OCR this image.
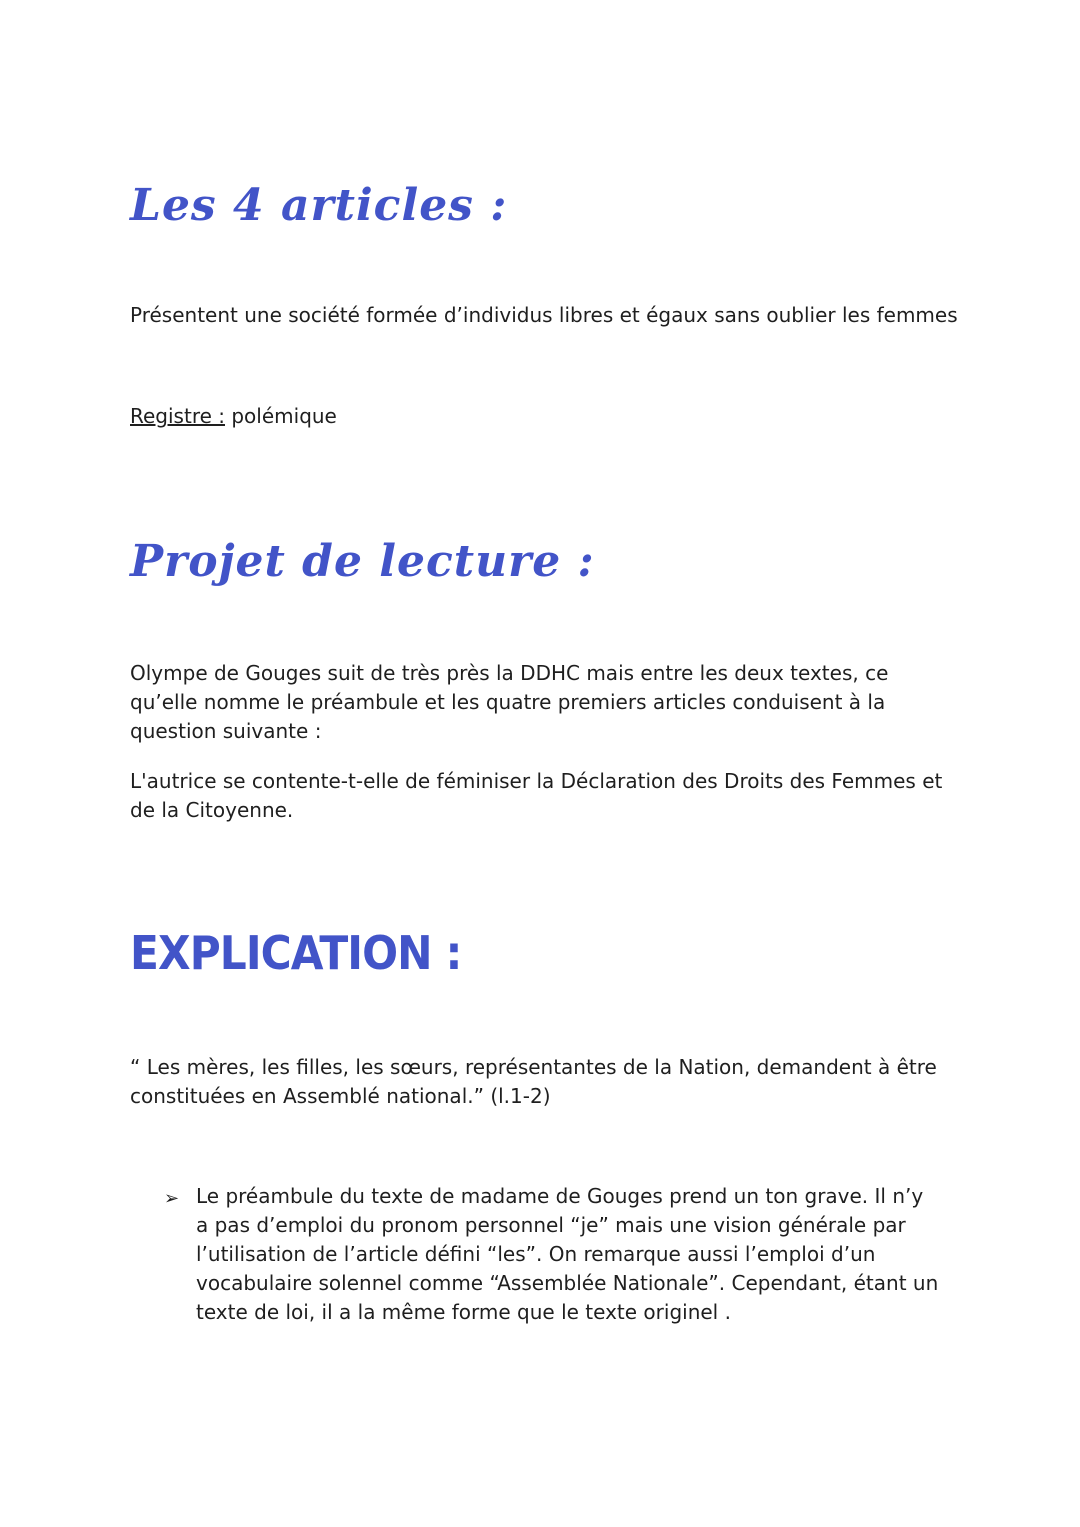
Les 4 articles :

Présentent une société formée d’individus libres et égaux sans oublier les femmes

Registre : polémique

Projet de lecture :

Olympe de Gouges suit de très près la DDHC mais entre les deux textes, ce qu’elle nomme le préambule et les quatre premiers articles conduisent à la question suivante :

L'autrice se contente-t-elle de féminiser la Déclaration des Droits des Femmes et de la Citoyenne.

EXPLICATION :

“ Les mères, les filles, les sœurs, représentantes de la Nation, demandent à être constituées en Assemblé national.” (l.1-2)

➢ Le préambule du texte de madame de Gouges prend un ton grave. Il n’y a pas d’emploi du pronom personnel “je” mais une vision générale par l’utilisation de l’article défini “les”. On remarque aussi l’emploi d’un vocabulaire solennel comme “Assemblée Nationale”. Cependant, étant un texte de loi, il a la même forme que le texte originel .
